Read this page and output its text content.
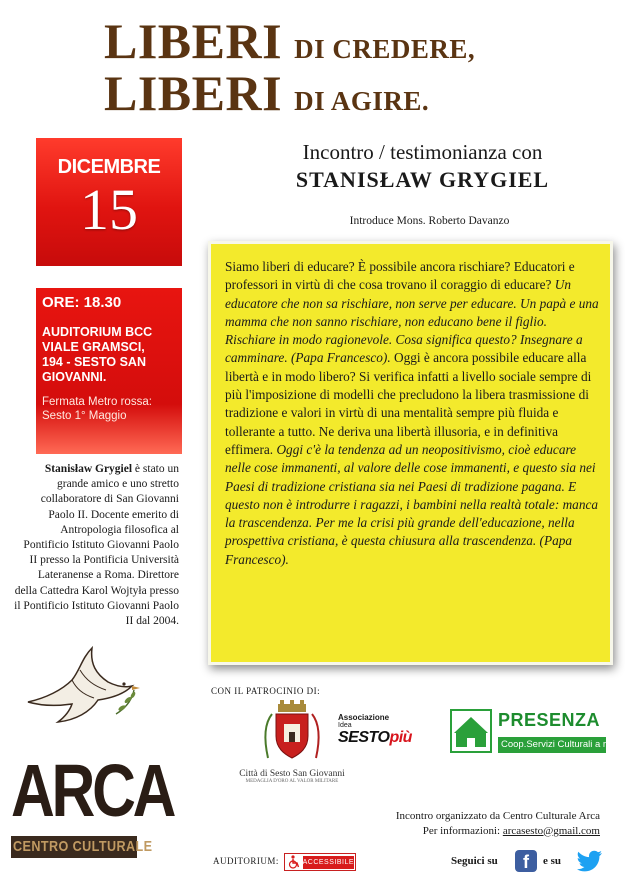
LIBERI DI CREDERE,
LIBERI DI AGIRE.
DICEMBRE
15
ORE: 18.30
AUDITORIUM BCC
VIALE GRAMSCI,
194 - SESTO SAN
GIOVANNI.
Fermata Metro rossa:
Sesto 1° Maggio
Stanisław Grygiel è stato un grande amico e uno stretto collaboratore di San Giovanni Paolo II. Docente emerito di Antropologia filosofica al Pontificio Istituto Giovanni Paolo II presso la Pontificia Università Lateranense a Roma. Direttore della Cattedra Karol Wojtyła presso il Pontificio Istituto Giovanni Paolo II dal 2004.
Incontro / testimonianza con
STANISŁAW GRYGIEL
Introduce Mons. Roberto Davanzo
Siamo liberi di educare? È possibile ancora rischiare? Educatori e professori in virtù di che cosa trovano il coraggio di educare? Un educatore che non sa rischiare, non serve per educare. Un papà e una mamma che non sanno rischiare, non educano bene il figlio. Rischiare in modo ragionevole. Cosa significa questo? Insegnare a camminare. (Papa Francesco). Oggi è ancora possibile educare alla libertà e in modo libero? Si verifica infatti a livello sociale sempre di più l'imposizione di modelli che precludono la libera trasmissione di tradizione e valori in virtù di una mentalità sempre più fluida e tollerante a tutto. Ne deriva una libertà illusoria, e in definitiva effimera. Oggi c'è la tendenza ad un neopositivismo, cioè educare nelle cose immanenti, al valore delle cose immanenti, e questo sia nei Paesi di tradizione cristiana sia nei Paesi di tradizione pagana. E questo non è introdurre i ragazzi, i bambini nella realtà totale: manca la trascendenza. Per me la crisi più grande dell'educazione, nella prospettiva cristiana, è questa chiusura alla trascendenza. (Papa Francesco).
ARCA
CENTRO CULTURALE
CON IL PATROCINIO DI:
Città di Sesto San Giovanni
MEDAGLIA D'ORO AL VALOR MILITARE
Associazione
Idea
SESTOpiù
PRESENZA
Coop.Servizi Culturali a r.l.
Incontro organizzato da Centro Culturale Arca
Per informazioni: arcasesto@gmail.com
AUDITORIUM:	ACCESSIBILE	Seguici su	f	e su
